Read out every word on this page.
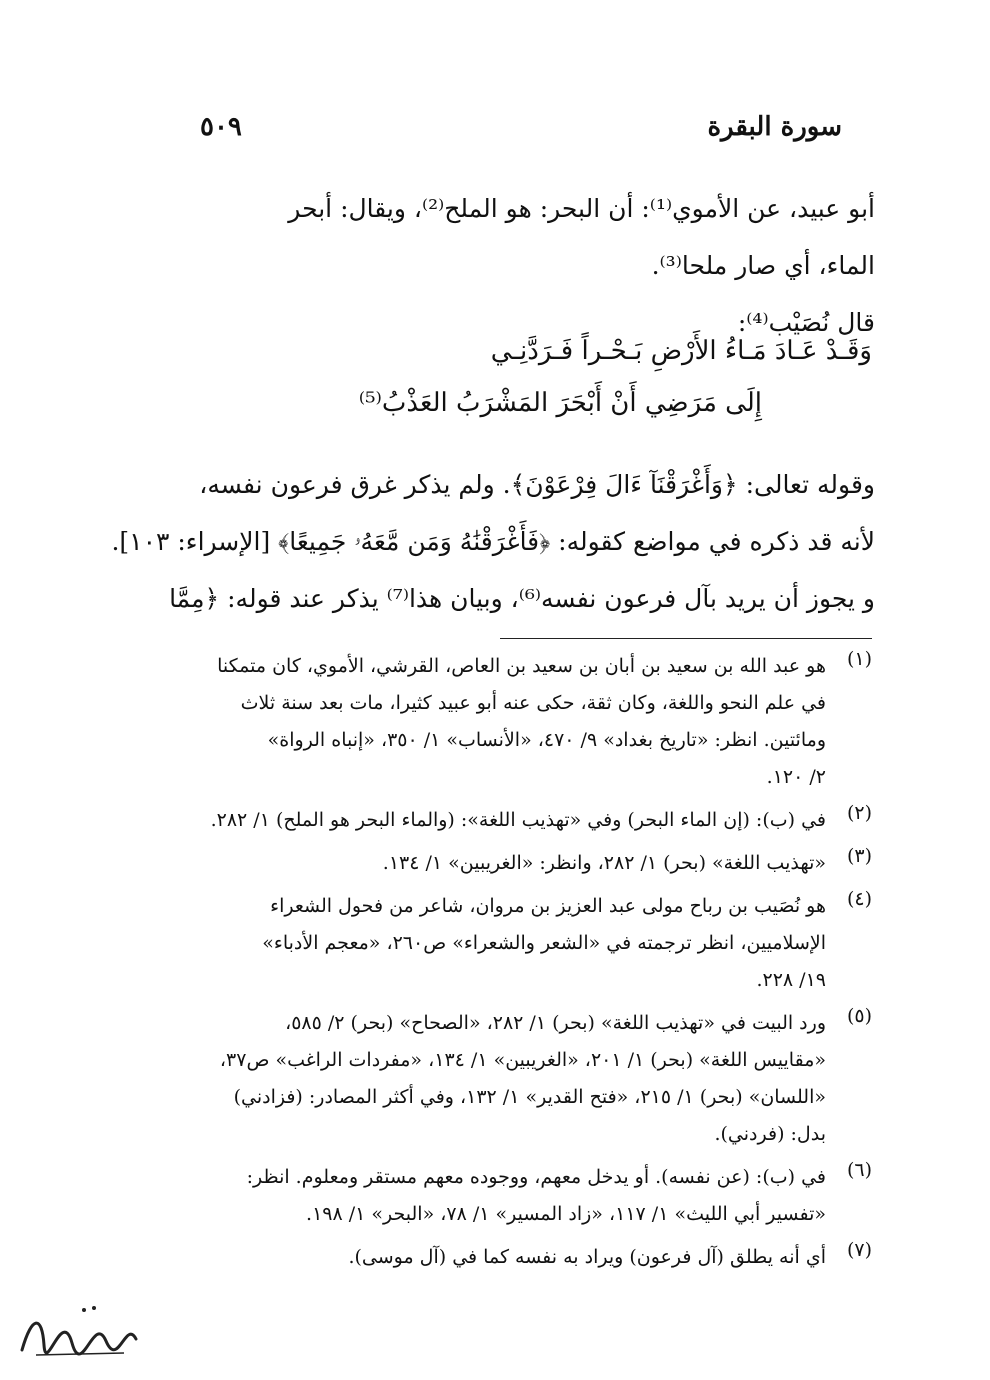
٥٠٩	سورة البقرة
أبو عبيد، عن الأموي⁽¹⁾: أن البحر: هو الملح⁽²⁾، ويقال: أبحر
الماء، أي صار ملحا⁽³⁾.
قال نُصَيْب⁽⁴⁾:
وَقَـدْ عَـادَ مَـاءُ الأَرْضِ بَـحْـراً فَـرَدَّنِـي
إِلَى مَرَضِي أَنْ أَبْحَرَ المَشْرَبُ العَذْبُ⁽⁵⁾
وقوله تعالى: ﴿وَأَغْرَقْنَآ ءَالَ فِرْعَوْنَ﴾. ولم يذكر غرق فرعون نفسه،
لأنه قد ذكره في مواضع كقوله: ﴿فَأَغْرَقْنَٰهُ وَمَن مَّعَهُۥ جَمِيعًا﴾ [الإسراء: ١٠٣].
و يجوز أن يريد بآل فرعون نفسه⁽⁶⁾، وبيان هذا⁽⁷⁾ يذكر عند قوله: ﴿مِمَّا
(١)
هو عبد الله بن سعيد بن أبان بن سعيد بن العاص، القرشي، الأموي، كان متمكنا
في علم النحو واللغة، وكان ثقة، حكى عنه أبو عبيد كثيرا، مات بعد سنة ثلاث
ومائتين. انظر: «تاريخ بغداد» ٩/ ٤٧٠، «الأنساب» ١/ ٣٥٠، «إنباه الرواة»
٢/ ١٢٠.
(٢)
في (ب): (إن الماء البحر) وفي «تهذيب اللغة»: (والماء البحر هو الملح) ١/ ٢٨٢.
(٣)
«تهذيب اللغة» (بحر) ١/ ٢٨٢، وانظر: «الغريبين» ١/ ١٣٤.
(٤)
هو نُصَيب بن رباح مولى عبد العزيز بن مروان، شاعر من فحول الشعراء
الإسلاميين، انظر ترجمته في «الشعر والشعراء» ص٢٦٠، «معجم الأدباء»
١٩/ ٢٢٨.
(٥)
ورد البيت في «تهذيب اللغة» (بحر) ١/ ٢٨٢، «الصحاح» (بحر) ٢/ ٥٨٥،
«مقاييس اللغة» (بحر) ١/ ٢٠١، «الغريبين» ١/ ١٣٤، «مفردات الراغب» ص٣٧،
«اللسان» (بحر) ١/ ٢١٥، «فتح القدير» ١/ ١٣٢، وفي أكثر المصادر: (فزادني)
بدل: (فردني).
(٦)
في (ب): (عن نفسه). أو يدخل معهم، ووجوده معهم مستقر ومعلوم. انظر:
«تفسير أبي الليث» ١/ ١١٧، «زاد المسير» ١/ ٧٨، «البحر» ١/ ١٩٨.
(٧)
أي أنه يطلق (آل فرعون) ويراد به نفسه كما في (آل موسى).
